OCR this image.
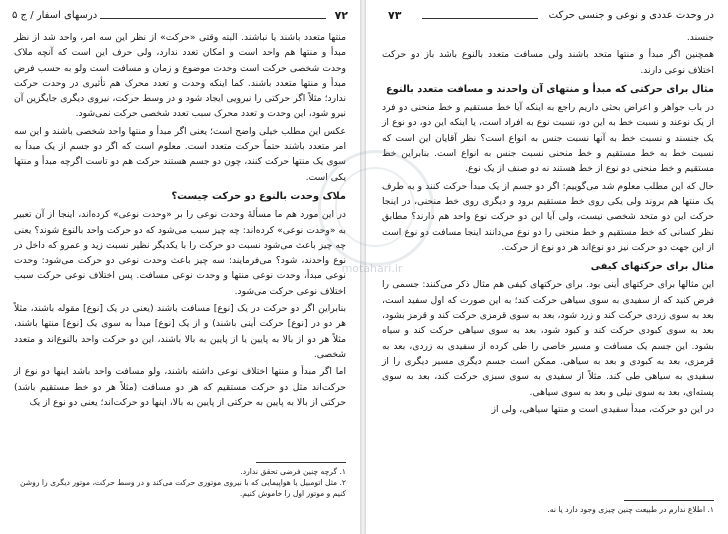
۷۲
درسهای اسفار / ج ۵

منتها متعدد باشند یا نباشند. البته وقتی «حرکت» از نظر این سه امر، واحد شد از نظر مبدأ و منتها هم واحد است و امکان تعدد ندارد، ولی حرف این است که آنچه ملاک وحدت شخصی حرکت است وحدت موضوع و زمان و مسافت است ولو به حسب فرض مبدأ و منتها متعدد باشند. کما اینکه وحدت و تعدد محرک هم تأثیری در وحدت حرکت ندارد؛ مثلاً اگر حرکتی را نیرویی ایجاد شود و در وسط حرکت، نیروی دیگری جایگزین آن نیرو شود، این وحدت و تعدد محرک سبب تعدد شخصی حرکت نمی‌شود.

عکس این مطلب خیلی واضح است؛ یعنی اگر مبدأ و منتها واحد شخصی باشند و این سه امر متعدد باشند حتماً حرکت متعدد است. معلوم است که اگر دو جسم از یک مبدأ به سوی یک منتها حرکت کنند، چون دو جسم هستند حرکت هم دو تاست اگرچه مبدأ و منتها یکی است.

ملاک وحدت بالنوع دو حرکت چیست؟

در این مورد هم ما مسألهٔ وحدت نوعی را بر «وحدت نوعی» کرده‌اند، اینجا از آن تعبیر به «وحدت نوعی» کرده‌اند: چه چیز سبب می‌شود که دو حرکت واحد بالنوع شوند؟ یعنی چه چیز باعث می‌شود نسبت دو حرکت را با یکدیگر نظیر نسبت زید و عمرو که داخل در نوع واحدند، شود؟ می‌فرمایند: سه چیز باعث وحدت نوعی دو حرکت می‌شود: وحدت نوعی مبدأ، وحدت نوعی منتها و وحدت نوعی مسافت. پس اختلاف نوعی حرکت سبب اختلاف نوعی حرکت می‌شود.

بنابراین اگر دو حرکت در یک [نوع] مسافت باشند (یعنی در یک [نوع] مقوله باشند، مثلاً هر دو در [نوع] حرکت أینی باشند) و از یک [نوع] مبدأ به سوی یک [نوع] منتها باشند، مثلاً هر دو از بالا به پایین یا از پایین به بالا باشند، این دو حرکت واحد بالنوع‌اند و متعدد شخصی.

اما اگر مبدأ و منتها اختلاف نوعی داشته باشند، ولو مسافت واحد باشد اینها دو نوع از حرکت‌اند مثل دو حرکت مستقیم که هر دو مسافت (مثلاً هر دو خط مستقیم باشد) حرکتی از بالا به پایین به حرکتی از پایین به بالا، اینها دو حرکت‌اند؛ یعنی دو نوع از یک

۱. گرچه چنین فرضی تحقق ندارد.

۲. مثل اتومبیل یا هواپیمایی که با نیروی موتوری حرکت می‌کند و در وسط حرکت، موتور دیگری را روشن کنیم و موتور اول را خاموش کنیم.

در وحدت عددی و نوعی و جنسی حرکت
۷۳

جنسند.

همچنین اگر مبدأ و منتها متحد باشند ولی مسافت متعدد بالنوع باشد باز دو حرکت اختلاف نوعی دارند.

مثال برای حرکتی که مبدأ و منتهای آن واحدند و مسافت متعدد بالنوع

در باب جواهر و اعراض بحثی داریم راجع به اینکه آیا خط مستقیم و خط منحنی دو فرد از یک نوعند و نسبت خط به این دو، نسبت نوع به افراد است، یا اینکه این دو، دو نوع از یک جنسند و نسبت خط به آنها نسبت جنس به انواع است؟ نظر آقایان این است که نسبت خط به خط مستقیم و خط منحنی نسبت جنس به انواع است. بنابراین خط مستقیم و خط منحنی دو نوع از خط هستند نه دو صنف از یک نوع.

حال که این مطلب معلوم شد می‌گوییم: اگر دو جسم از یک مبدأ حرکت کنند و به طرف یک منتها هم بروند ولی یکی روی خط مستقیم برود و دیگری روی خط منحنی، در اینجا حرکت این دو متحد شخصی نیست، ولی آیا این دو حرکت نوع واحد هم دارند؟ مطابق نظر کسانی که خط مستقیم و خط منحنی را دو نوع می‌دانند اینجا مسافت دو نوع است از این جهت دو حرکت نیز دو نوع‌اند هر دو نوع از حرکت.

مثال برای حرکتهای کیفی

این مثالها برای حرکتهای أینی بود. برای حرکتهای کیفی هم مثال ذکر می‌کنند: جسمی را فرض کنید که از سفیدی به سوی سیاهی حرکت کند؛ به این صورت که اول سفید است، بعد به سوی زردی حرکت کند و زرد شود، بعد به سوی قرمزی حرکت کند و قرمز بشود، بعد به سوی کبودی حرکت کند و کبود شود، بعد به سوی سیاهی حرکت کند و سیاه بشود. این جسم یک مسافت و مسیر خاصی را طی کرده از سفیدی به زردی، بعد به قرمزی، بعد به کبودی و بعد به سیاهی. ممکن است جسم دیگری مسیر دیگری را از سفیدی به سیاهی طی کند. مثلاً از سفیدی به سوی سبزی حرکت کند، بعد به سوی پسته‌ای، بعد به سوی نیلی و بعد به سوی سیاهی.

در این دو حرکت، مبدأ سفیدی است و منتها سیاهی، ولی از

۱. اطلاع ندارم در طبیعت چنین چیزی وجود دارد یا نه.

motahari.ir
